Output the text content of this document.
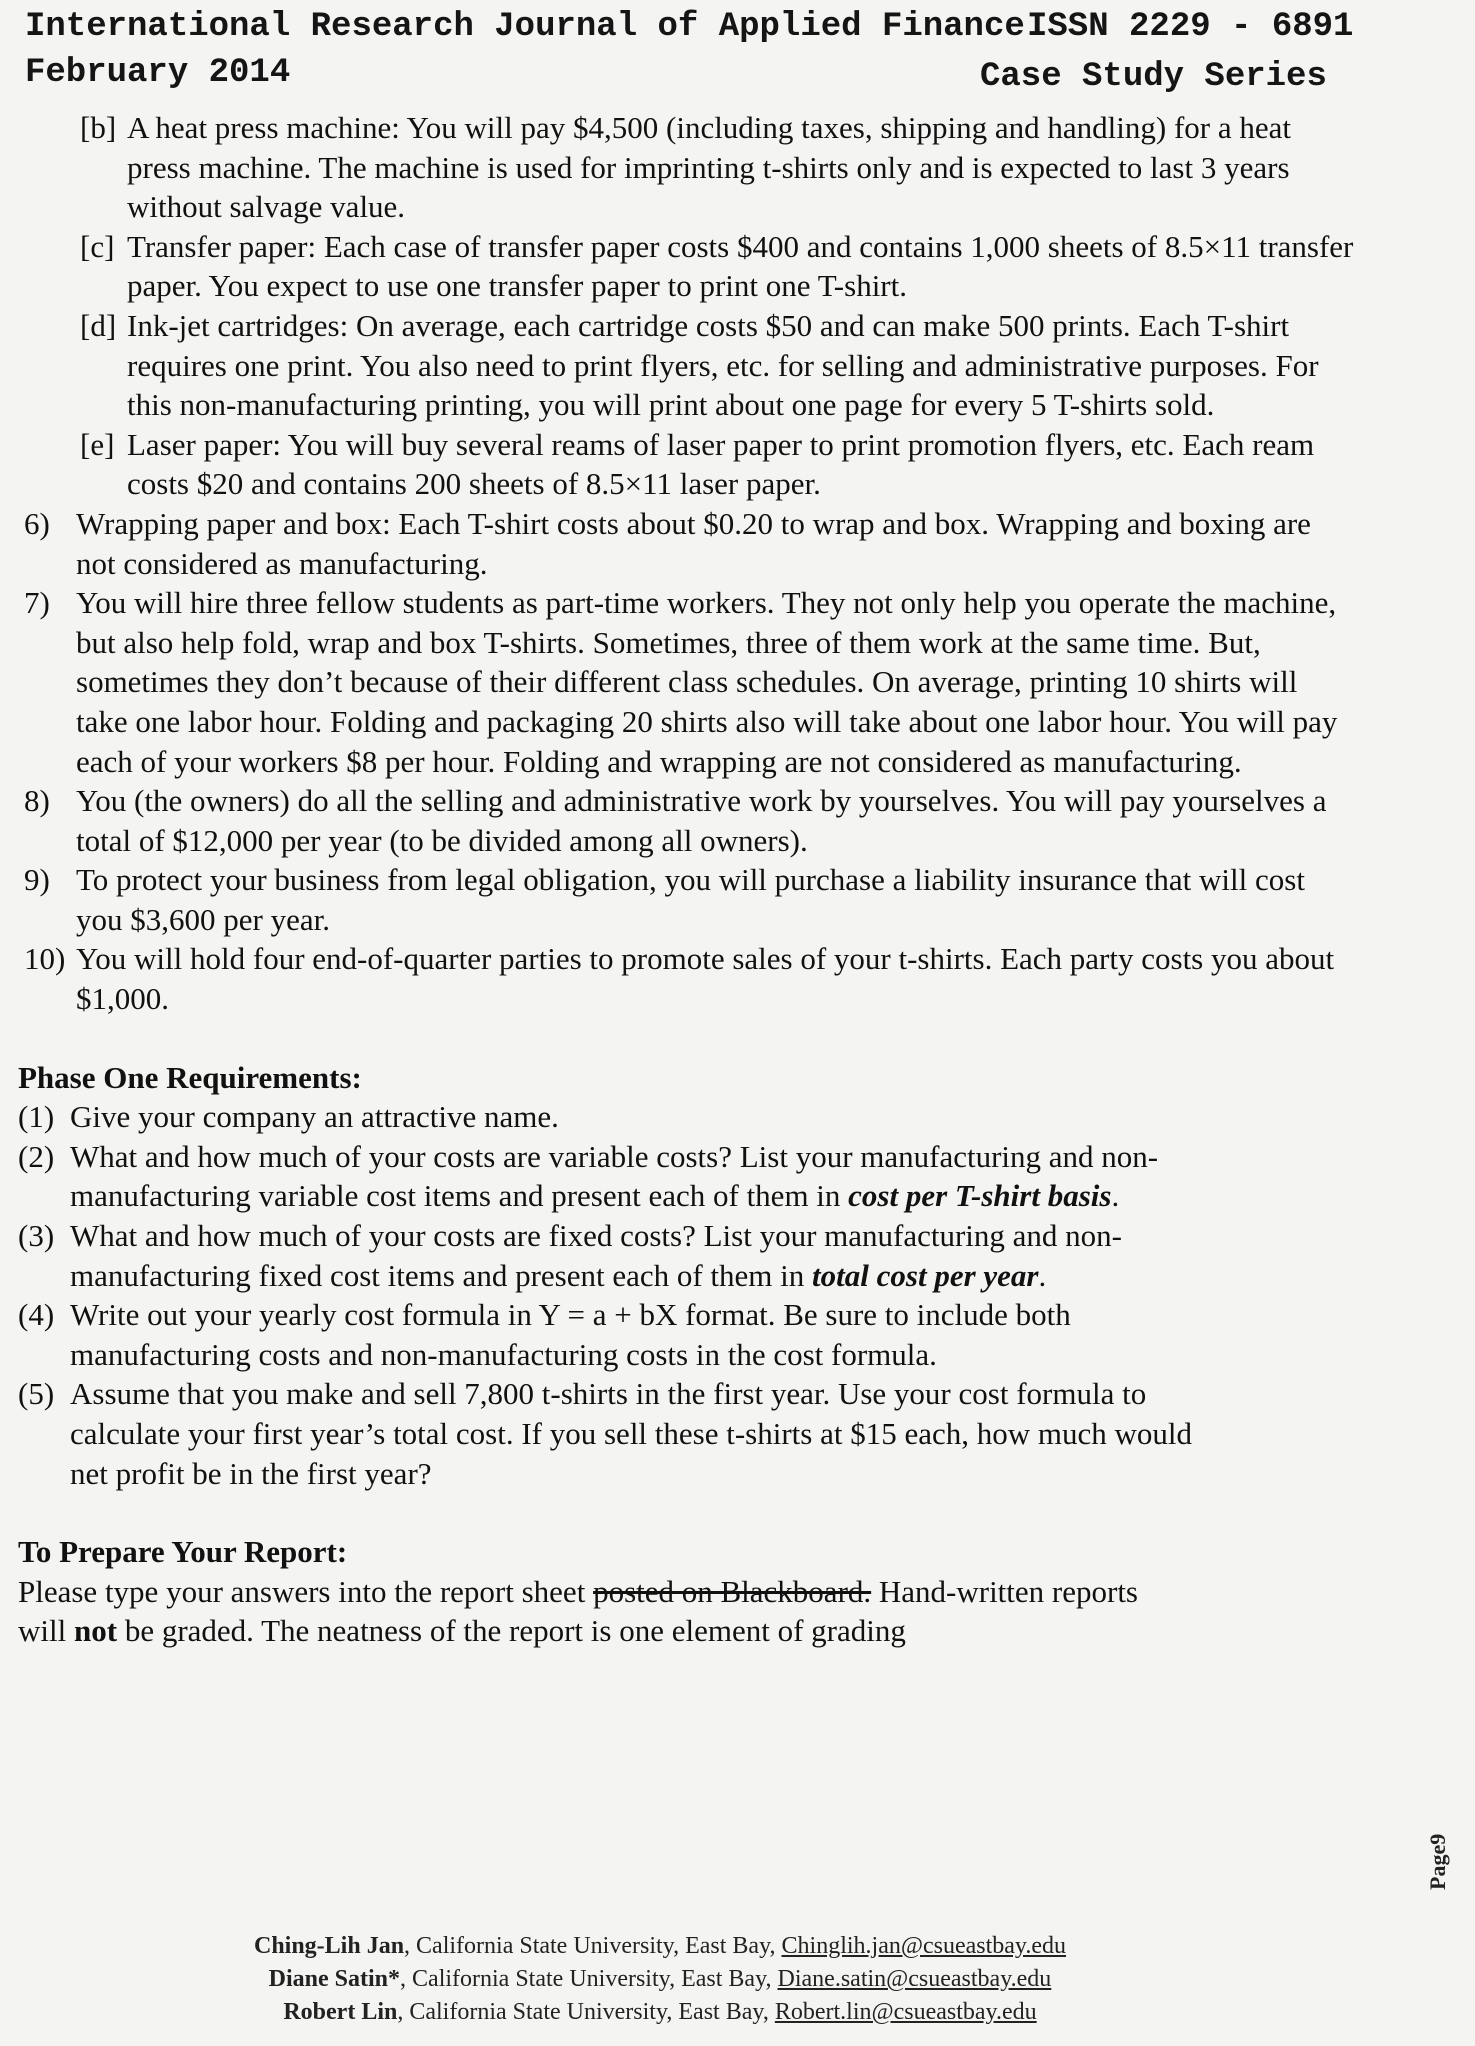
International Research Journal of Applied Finance ISSN 2229 - 6891
February 2014	Case Study Series
[b] A heat press machine: You will pay $4,500 (including taxes, shipping and handling) for a heat press machine. The machine is used for imprinting t-shirts only and is expected to last 3 years without salvage value.
[c] Transfer paper: Each case of transfer paper costs $400 and contains 1,000 sheets of 8.5×11 transfer paper. You expect to use one transfer paper to print one T-shirt.
[d] Ink-jet cartridges: On average, each cartridge costs $50 and can make 500 prints. Each T-shirt requires one print. You also need to print flyers, etc. for selling and administrative purposes. For this non-manufacturing printing, you will print about one page for every 5 T-shirts sold.
[e] Laser paper: You will buy several reams of laser paper to print promotion flyers, etc. Each ream costs $20 and contains 200 sheets of 8.5×11 laser paper.
6) Wrapping paper and box: Each T-shirt costs about $0.20 to wrap and box. Wrapping and boxing are not considered as manufacturing.
7) You will hire three fellow students as part-time workers. They not only help you operate the machine, but also help fold, wrap and box T-shirts. Sometimes, three of them work at the same time. But, sometimes they don’t because of their different class schedules. On average, printing 10 shirts will take one labor hour. Folding and packaging 20 shirts also will take about one labor hour. You will pay each of your workers $8 per hour. Folding and wrapping are not considered as manufacturing.
8) You (the owners) do all the selling and administrative work by yourselves. You will pay yourselves a total of $12,000 per year (to be divided among all owners).
9) To protect your business from legal obligation, you will purchase a liability insurance that will cost you $3,600 per year.
10) You will hold four end-of-quarter parties to promote sales of your t-shirts. Each party costs you about $1,000.
Phase One Requirements:
(1) Give your company an attractive name.
(2) What and how much of your costs are variable costs? List your manufacturing and non-manufacturing variable cost items and present each of them in cost per T-shirt basis.
(3) What and how much of your costs are fixed costs? List your manufacturing and non-manufacturing fixed cost items and present each of them in total cost per year.
(4) Write out your yearly cost formula in Y = a + bX format. Be sure to include both manufacturing costs and non-manufacturing costs in the cost formula.
(5) Assume that you make and sell 7,800 t-shirts in the first year. Use your cost formula to calculate your first year’s total cost. If you sell these t-shirts at $15 each, how much would net profit be in the first year?
To Prepare Your Report:
Please type your answers into the report sheet posted on Blackboard. Hand-written reports will not be graded. The neatness of the report is one element of grading
Ching-Lih Jan, California State University, East Bay, Chinglih.jan@csueastbay.edu
Diane Satin*, California State University, East Bay, Diane.satin@csueastbay.edu
Robert Lin, California State University, East Bay, Robert.lin@csueastbay.edu
Page9
